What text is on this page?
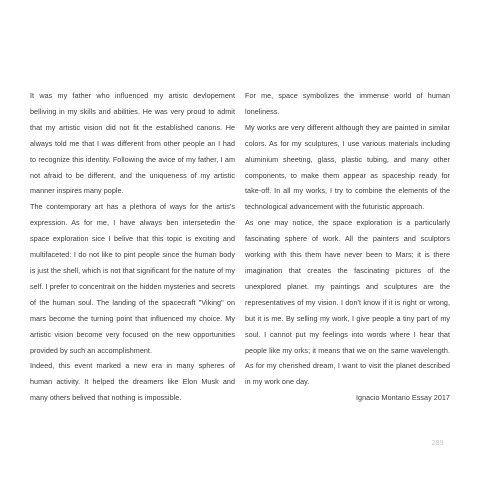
It was my father who influenced my artistc devlopement belliving in my skills and abilities. He was very proud to admit that my artistic vision did not fit the established canons. He always told me that I was different from other people an I had to recognize this identity. Following the avice of my father, I am not afraid to be different, and the uniqueness of my artistic manner inspires many pople.

The contemporary art has a plethora of ways for the artis's expression. As for me, I have always ben intersetedin the space exploration sice I belive that this topic is exciting and multifaceted: I do not like to pint people since the human body is just the shell, which is not that significant for the nature of my self. I prefer to concentrait on the hidden mysteries and secrets of the human soul. The landing of the spacecraft "Viking" on mars become the turning point that influenced my choice. My artistic vision become very focused on the new opportunities provided by such an accomplishment.

Indeed, this event marked a new era in many spheres of human activity. It helped the dreamers like Elon Musk and many others belived that nothing is impossible.

For me, space symbolizes the immense world of human loneliness.

My works are very different although they are painted in similar colors. As for my sculptures, I use various materials including aluminium sheeting, glass, plastic tubing, and many other components, to make them appear as spaceship ready for take-off. In all my works, I try to combine the elements of the technological advancement with the futuristic approach.

As one may notice, the space exploration is a particularly fascinating sphere of work. All the painters and sculptors working with this them have never been to Mars; it is there imagination that creates the fascinating pictures of the unexplored planet. my paintings and sculptures are the representatives of my vision. I don't know if it is right or wrong, but it is me. By selling my work, I give people a tiny part of my soul. I cannot put my feelings into words where I hear that people like my orks; it means that we on the same wavelength. As for my cherished dream, I want to visit the planet described in my work one day.

Ignacio Montano Essay 2017

289
